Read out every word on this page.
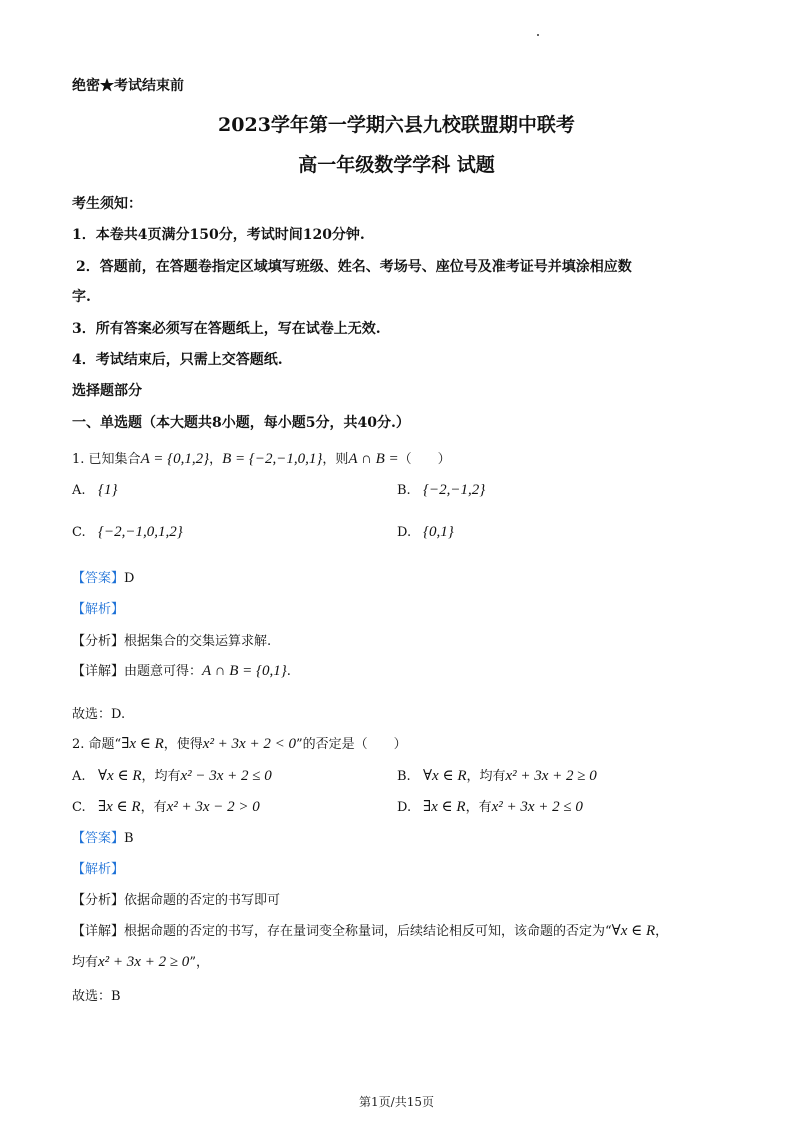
绝密★考试结束前
2023学年第一学期六县九校联盟期中联考
高一年级数学学科 试题
考生须知：
1．本卷共4页满分150分，考试时间120分钟.
2．答题前，在答题卷指定区域填写班级、姓名、考场号、座位号及准考证号并填涂相应数
字.
3．所有答案必须写在答题纸上，写在试卷上无效.
4．考试结束后，只需上交答题纸.
选择题部分
一、单选题（本大题共8小题，每小题5分，共40分.）
1. 已知集合A = {0,1,2}，B = {−2,−1,0,1}，则A ∩ B =（　　）
A. {1}	B. {−2,−1,2}
C. {−2,−1,0,1,2}	D. {0,1}
【答案】D
【解析】
【分析】根据集合的交集运算求解.
【详解】由题意可得：A ∩ B = {0,1}.
故选：D.
2. 命题“∃x ∈ R，使得x² + 3x + 2 < 0”的否定是（　　）
A. ∀x ∈ R，均有x² − 3x + 2 ≤ 0	B. ∀x ∈ R，均有x² + 3x + 2 ≥ 0
C. ∃x ∈ R，有x² + 3x − 2 > 0	D. ∃x ∈ R，有x² + 3x + 2 ≤ 0
【答案】B
【解析】
【分析】依据命题的否定的书写即可
【详解】根据命题的否定的书写，存在量词变全称量词，后续结论相反可知，该命题的否定为“∀x ∈ R，
均有x² + 3x + 2 ≥ 0”，
故选：B
第1页/共15页
